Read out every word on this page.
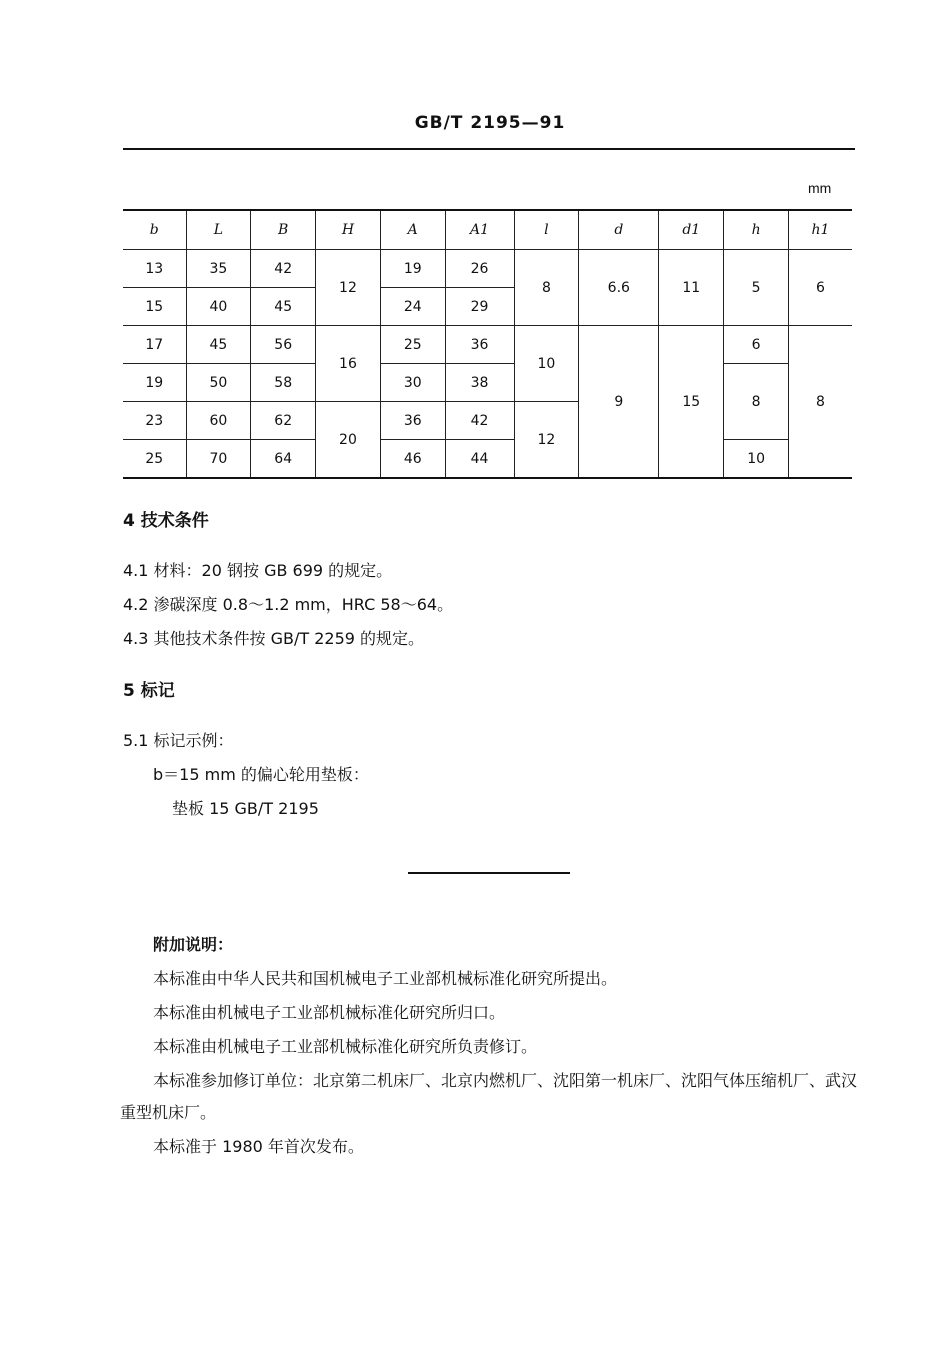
GB/T 2195—91
mm
b	L	B	H	A	A1	l	d	d1	h	h1
13	35	42	12	19	26	8	6.6	11	5	6
15	40	45		24	29					
17	45	56	16	25	36	10	9	15	6	8
19	50	58		30	38				8	
23	60	62	20	36	42	12				
25	70	64		46	44				10	
4 技术条件
4.1 材料：20 钢按 GB 699 的规定。
4.2 渗碳深度 0.8～1.2 mm，HRC 58～64。
4.3 其他技术条件按 GB/T 2259 的规定。
5 标记
5.1 标记示例：
b＝15 mm 的偏心轮用垫板：
垫板 15 GB/T 2195
附加说明：
本标准由中华人民共和国机械电子工业部机械标准化研究所提出。
本标准由机械电子工业部机械标准化研究所归口。
本标准由机械电子工业部机械标准化研究所负责修订。
本标准参加修订单位：北京第二机床厂、北京内燃机厂、沈阳第一机床厂、沈阳气体压缩机厂、武汉
重型机床厂。
本标准于 1980 年首次发布。
